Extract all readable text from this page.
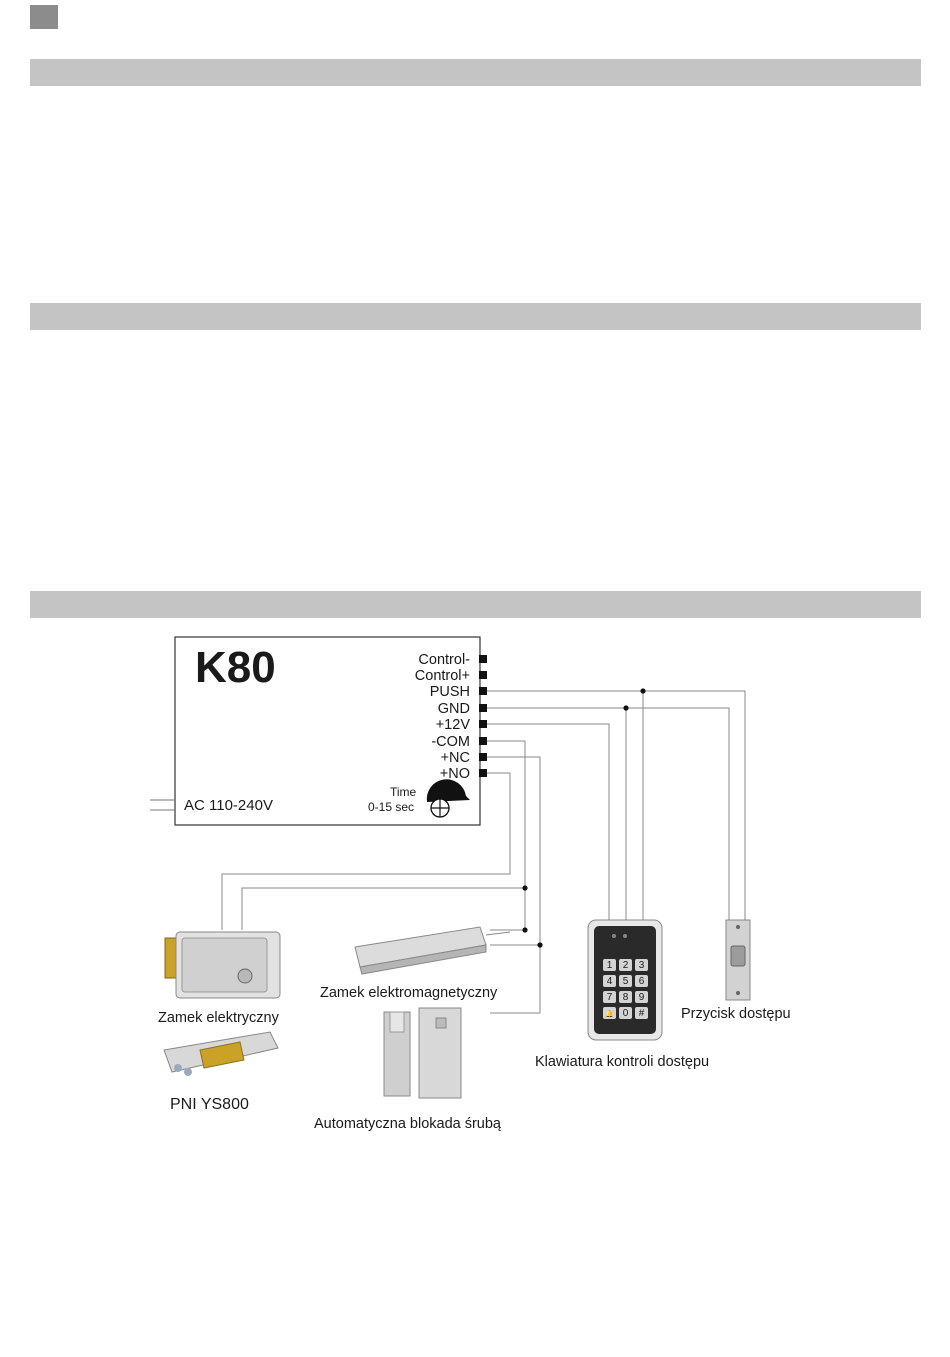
K80	Control-
Control+
PUSH
GND
+12V
-COM
+NC
+NO
AC 110-240V
Time
0-15 sec
Zamek elektryczny
PNI YS800
Zamek elektromagnetyczny
Automatyczna blokada śrubą
1 2 3
4 5 6
7 8 9
🔔 0 #
Klawiatura kontroli dostępu
Przycisk dostępu
